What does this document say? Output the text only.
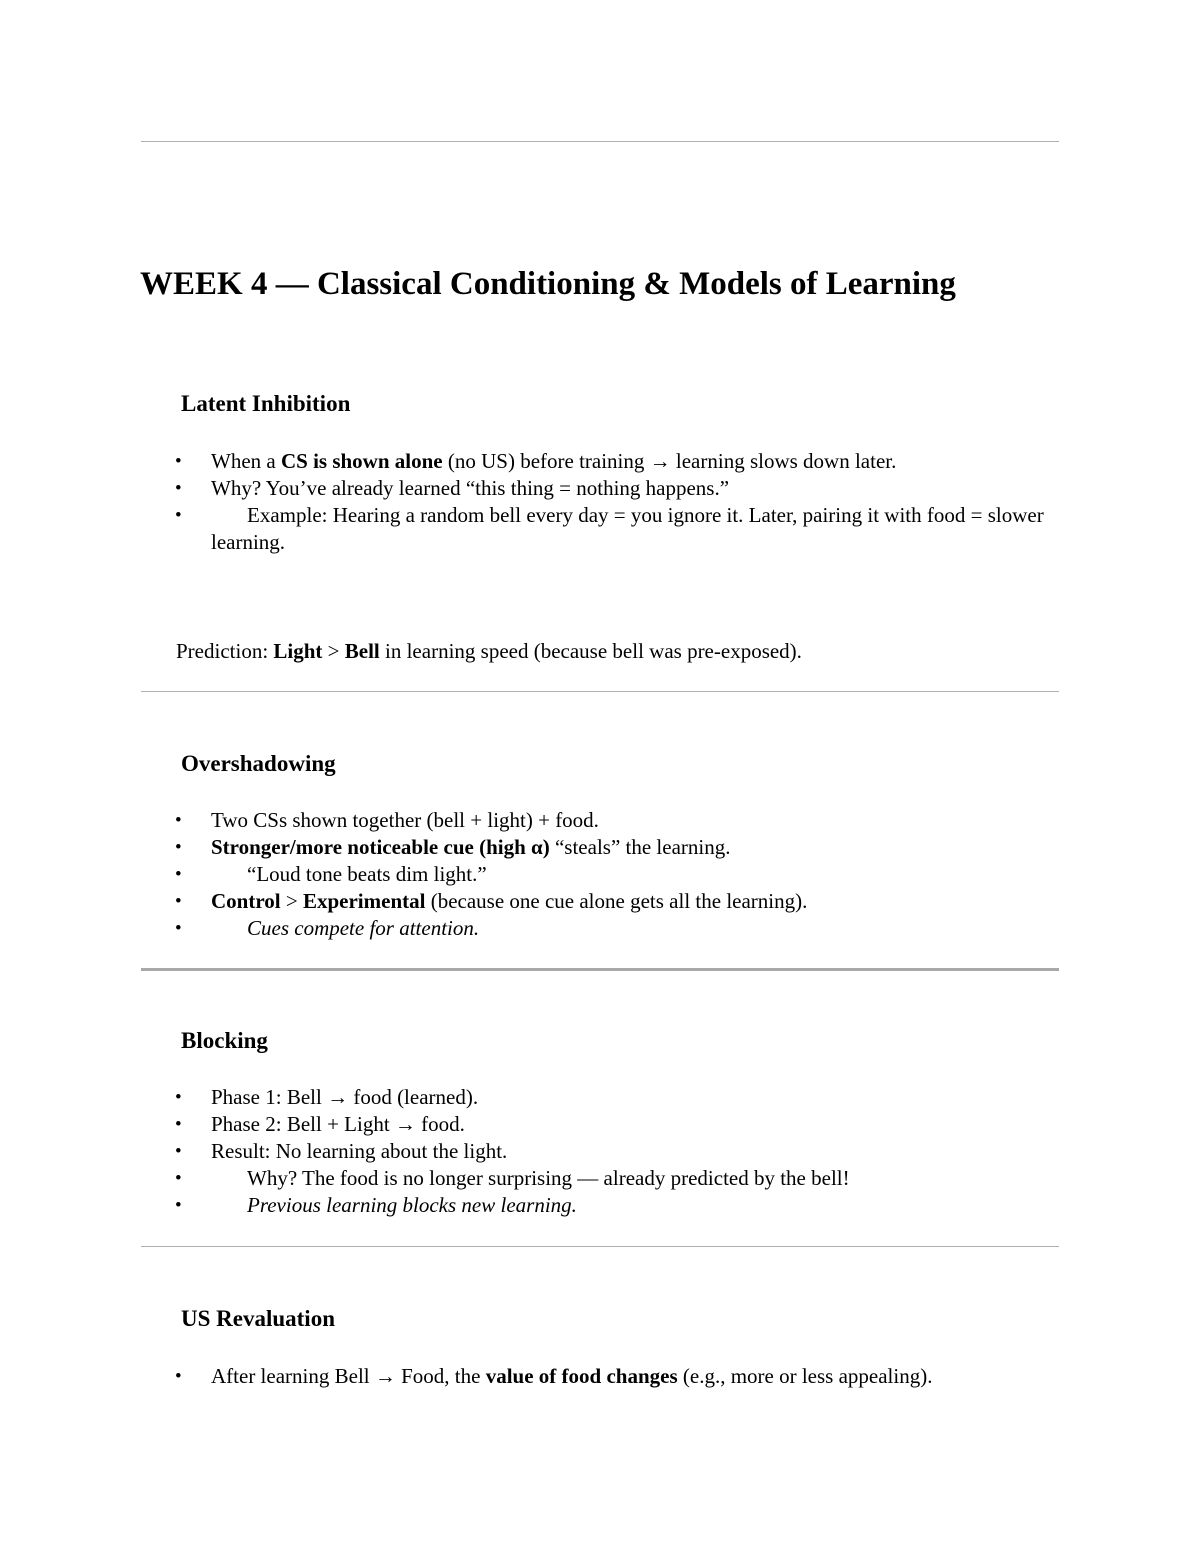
WEEK 4 — Classical Conditioning & Models of Learning
Latent Inhibition
• When a CS is shown alone (no US) before training → learning slows down later.
• Why? You’ve already learned “this thing = nothing happens.”
•	Example: Hearing a random bell every day = you ignore it. Later, pairing it with food = slower learning.

Prediction: Light > Bell in learning speed (because bell was pre-exposed).

Overshadowing
• Two CSs shown together (bell + light) + food.
• Stronger/more noticeable cue (high α) “steals” the learning.
•	“Loud tone beats dim light.”
• Control > Experimental (because one cue alone gets all the learning).
•	Cues compete for attention.
Blocking
• Phase 1: Bell → food (learned).
• Phase 2: Bell + Light → food.
• Result: No learning about the light.
•	Why? The food is no longer surprising — already predicted by the bell!
•	Previous learning blocks new learning.
US Revaluation
• After learning Bell → Food, the value of food changes (e.g., more or less appealing).
